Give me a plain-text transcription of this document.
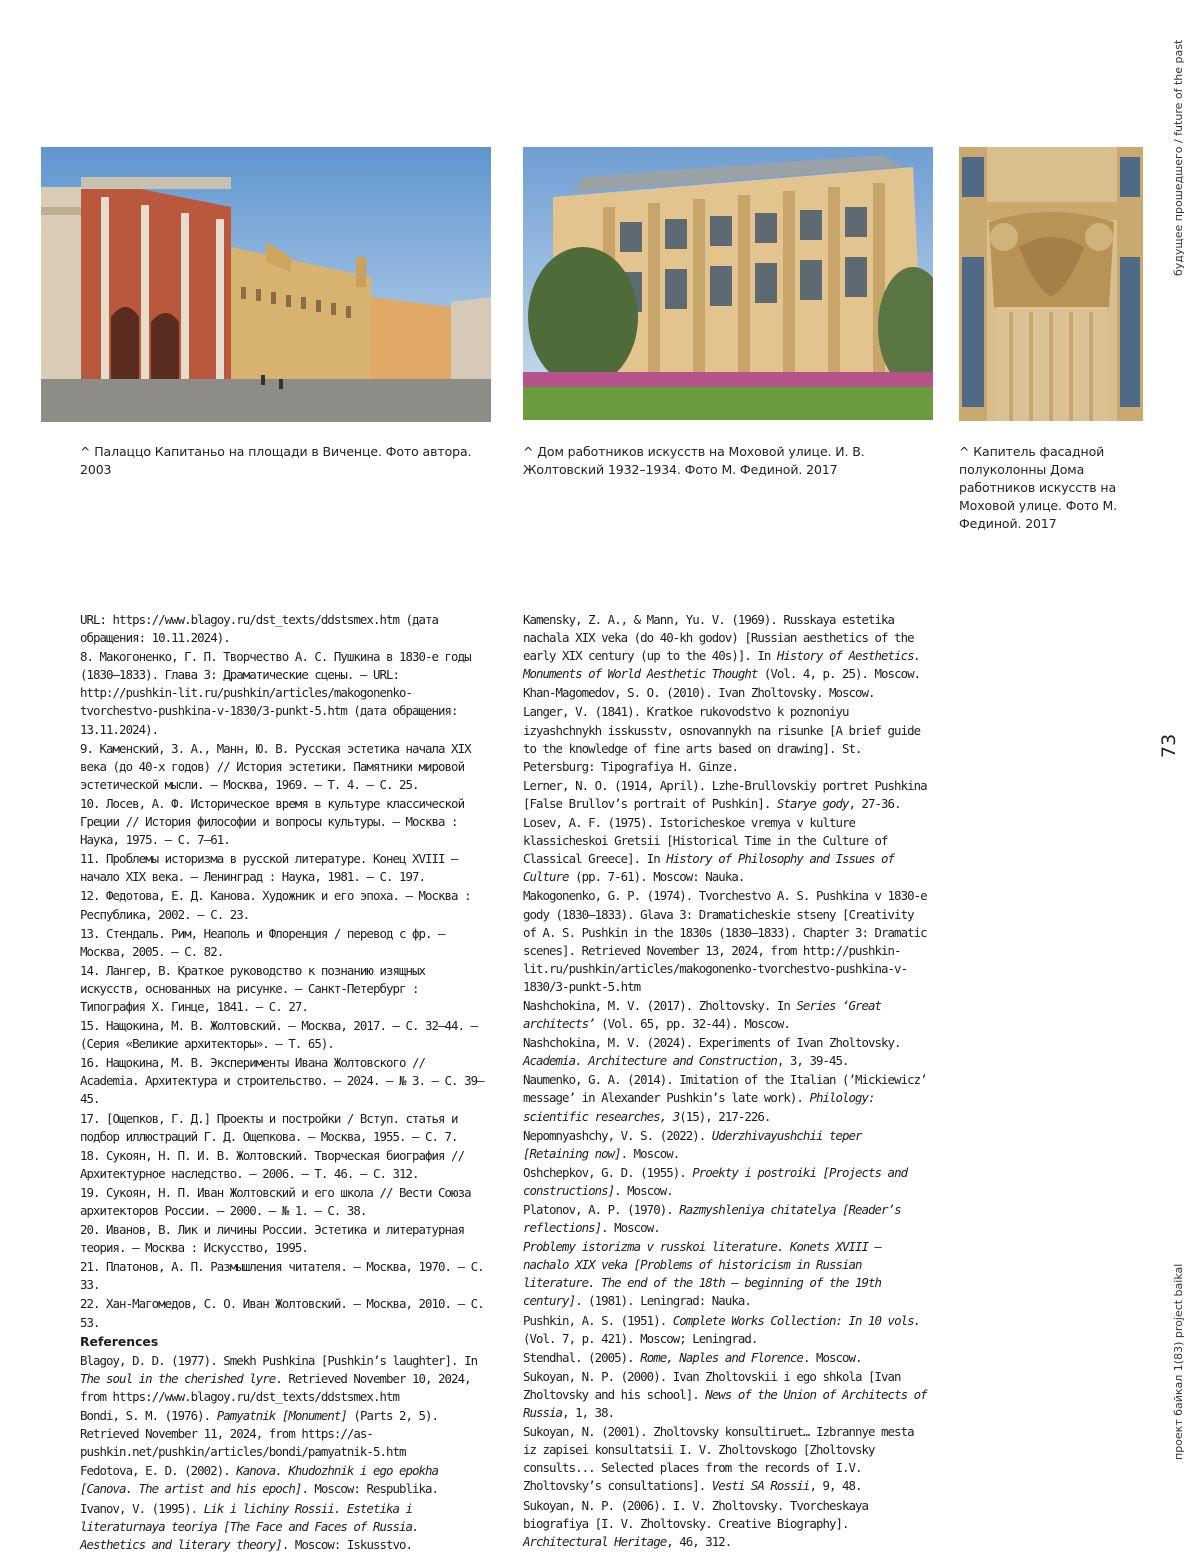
^ Палаццо Капитаньо на площади в Виченце. Фото автора. 2003
^ Дом работников искусств на Моховой улице. И. В. Жолтовский 1932–1934. Фото М. Фединой. 2017
^ Капитель фасадной полуколонны Дома работников искусств на Моховой улице. Фото М. Фединой. 2017
будущее прошедшего / future of the past
73
проект байкал 1(83) project baikal

URL: https://www.blagoy.ru/dst_texts/ddstsmex.htm (дата обращения: 10.11.2024).

8. Макогоненко, Г. П. Творчество А. С. Пушкина в 1830-е годы (1830–1833). Глава 3: Драматические сцены. – URL: http://pushkin-lit.ru/pushkin/articles/makogonenko-tvorchestvo-pushkina-v-1830/3-punkt-5.htm (дата обращения: 13.11.2024).

9. Каменский, З. А., Манн, Ю. В. Русская эстетика начала XIX века (до 40-х годов) // История эстетики. Памятники мировой эстетической мысли. – Москва, 1969. – Т. 4. – С. 25.

10. Лосев, А. Ф. Историческое время в культуре классической Греции // История философии и вопросы культуры. – Москва : Наука, 1975. – С. 7–61.

11. Проблемы историзма в русской литературе. Конец XVIII – начало XIX века. – Ленинград : Наука, 1981. – С. 197.

12. Федотова, Е. Д. Канова. Художник и его эпоха. – Москва : Республика, 2002. – С. 23.

13. Стендаль. Рим, Неаполь и Флоренция / перевод с фр. – Москва, 2005. – С. 82.

14. Лангер, В. Краткое руководство к познанию изящных искусств, основанных на рисунке. – Санкт-Петербург : Типография Х. Гинце, 1841. – С. 27.

15. Нащокина, М. В. Жолтовский. – Москва, 2017. – С. 32–44. – (Серия «Великие архитекторы». – Т. 65).

16. Нащокина, М. В. Эксперименты Ивана Жолтовского // Academia. Архитектура и строительство. – 2024. – № 3. – С. 39–45.

17. [Ощепков, Г. Д.] Проекты и постройки / Вступ. статья и подбор иллюстраций Г. Д. Ощепкова. – Москва, 1955. – С. 7.

18. Сукоян, Н. П. И. В. Жолтовский. Творческая биография // Архитектурное наследство. – 2006. – Т. 46. – С. 312.

19. Сукоян, Н. П. Иван Жолтовский и его школа // Вести Союза архитекторов России. – 2000. – № 1. – С. 38.

20. Иванов, В. Лик и личины России. Эстетика и литературная теория. – Москва : Искусство, 1995.

21. Платонов, А. П. Размышления читателя. – Москва, 1970. – С. 33.

22. Хан-Магомедов, С. О. Иван Жолтовский. – Москва, 2010. – С. 53.

References

Blagoy, D. D. (1977). Smekh Pushkina [Pushkin’s laughter]. In The soul in the cherished lyre. Retrieved November 10, 2024, from https://www.blagoy.ru/dst_texts/ddstsmex.htm

Bondi, S. M. (1976). Pamyatnik [Monument] (Parts 2, 5). Retrieved November 11, 2024, from https://as-pushkin.net/pushkin/articles/bondi/pamyatnik-5.htm

Fedotova, E. D. (2002). Kanova. Khudozhnik i ego epokha [Canova. The artist and his epoch]. Moscow: Respublika.

Ivanov, V. (1995). Lik i lichiny Rossii. Estetika i literaturnaya teoriya [The Face and Faces of Russia. Aesthetics and literary theory]. Moscow: Iskusstvo.

Kamensky, Z. A., & Mann, Yu. V. (1969). Russkaya estetika nachala XIX veka (do 40-kh godov) [Russian aesthetics of the early XIX century (up to the 40s)]. In History of Aesthetics. Monuments of World Aesthetic Thought (Vol. 4, p. 25). Moscow.

Khan-Magomedov, S. O. (2010). Ivan Zholtovsky. Moscow.

Langer, V. (1841). Kratkoe rukovodstvo k poznoniyu izyashchnykh isskusstv, osnovannykh na risunke [A brief guide to the knowledge of fine arts based on drawing]. St. Petersburg: Tipografiya H. Ginze.

Lerner, N. O. (1914, April). Lzhe-Brullovskiy portret Pushkina [False Brullov’s portrait of Pushkin]. Starye gody, 27-36.

Losev, A. F. (1975). Istoricheskoe vremya v kulture klassicheskoi Gretsii [Historical Time in the Culture of Classical Greece]. In History of Philosophy and Issues of Culture (pp. 7-61). Moscow: Nauka.

Makogonenko, G. P. (1974). Tvorchestvo A. S. Pushkina v 1830-e gody (1830–1833). Glava 3: Dramaticheskie stseny [Creativity of A. S. Pushkin in the 1830s (1830–1833). Chapter 3: Dramatic scenes]. Retrieved November 13, 2024, from http://pushkin-lit.ru/pushkin/articles/makogonenko-tvorchestvo-pushkina-v-1830/3-punkt-5.htm

Nashchokina, M. V. (2017). Zholtovsky. In Series ‘Great architects’ (Vol. 65, pp. 32-44). Moscow.

Nashchokina, M. V. (2024). Experiments of Ivan Zholtovsky. Academia. Architecture and Construction, 3, 39-45.

Naumenko, G. A. (2014). Imitation of the Italian (’Mickiewicz’ message’ in Alexander Pushkin’s late work). Philology: scientific researches, 3(15), 217-226.

Nepomnyashchy, V. S. (2022). Uderzhivayushchii teper [Retaining now]. Moscow.

Oshchepkov, G. D. (1955). Proekty i postroiki [Projects and constructions]. Moscow.

Platonov, A. P. (1970). Razmyshleniya chitatelya [Reader’s reflections]. Moscow.

Problemy istorizma v russkoi literature. Konets XVIII – nachalo XIX veka [Problems of historicism in Russian literature. The end of the 18th – beginning of the 19th century]. (1981). Leningrad: Nauka.

Pushkin, A. S. (1951). Complete Works Collection: In 10 vols. (Vol. 7, p. 421). Moscow; Leningrad.

Stendhal. (2005). Rome, Naples and Florence. Moscow.

Sukoyan, N. P. (2000). Ivan Zholtovskii i ego shkola [Ivan Zholtovsky and his school]. News of the Union of Architects of Russia, 1, 38.

Sukoyan, N. (2001). Zholtovsky konsultiruet… Izbrannye mesta iz zapisei konsultatsii I. V. Zholtovskogo [Zholtovsky consults... Selected places from the records of I.V. Zholtovsky’s consultations]. Vesti SA Rossii, 9, 48.

Sukoyan, N. P. (2006). I. V. Zholtovsky. Tvorcheskaya biografiya [I. V. Zholtovsky. Creative Biography]. Architectural Heritage, 46, 312.
